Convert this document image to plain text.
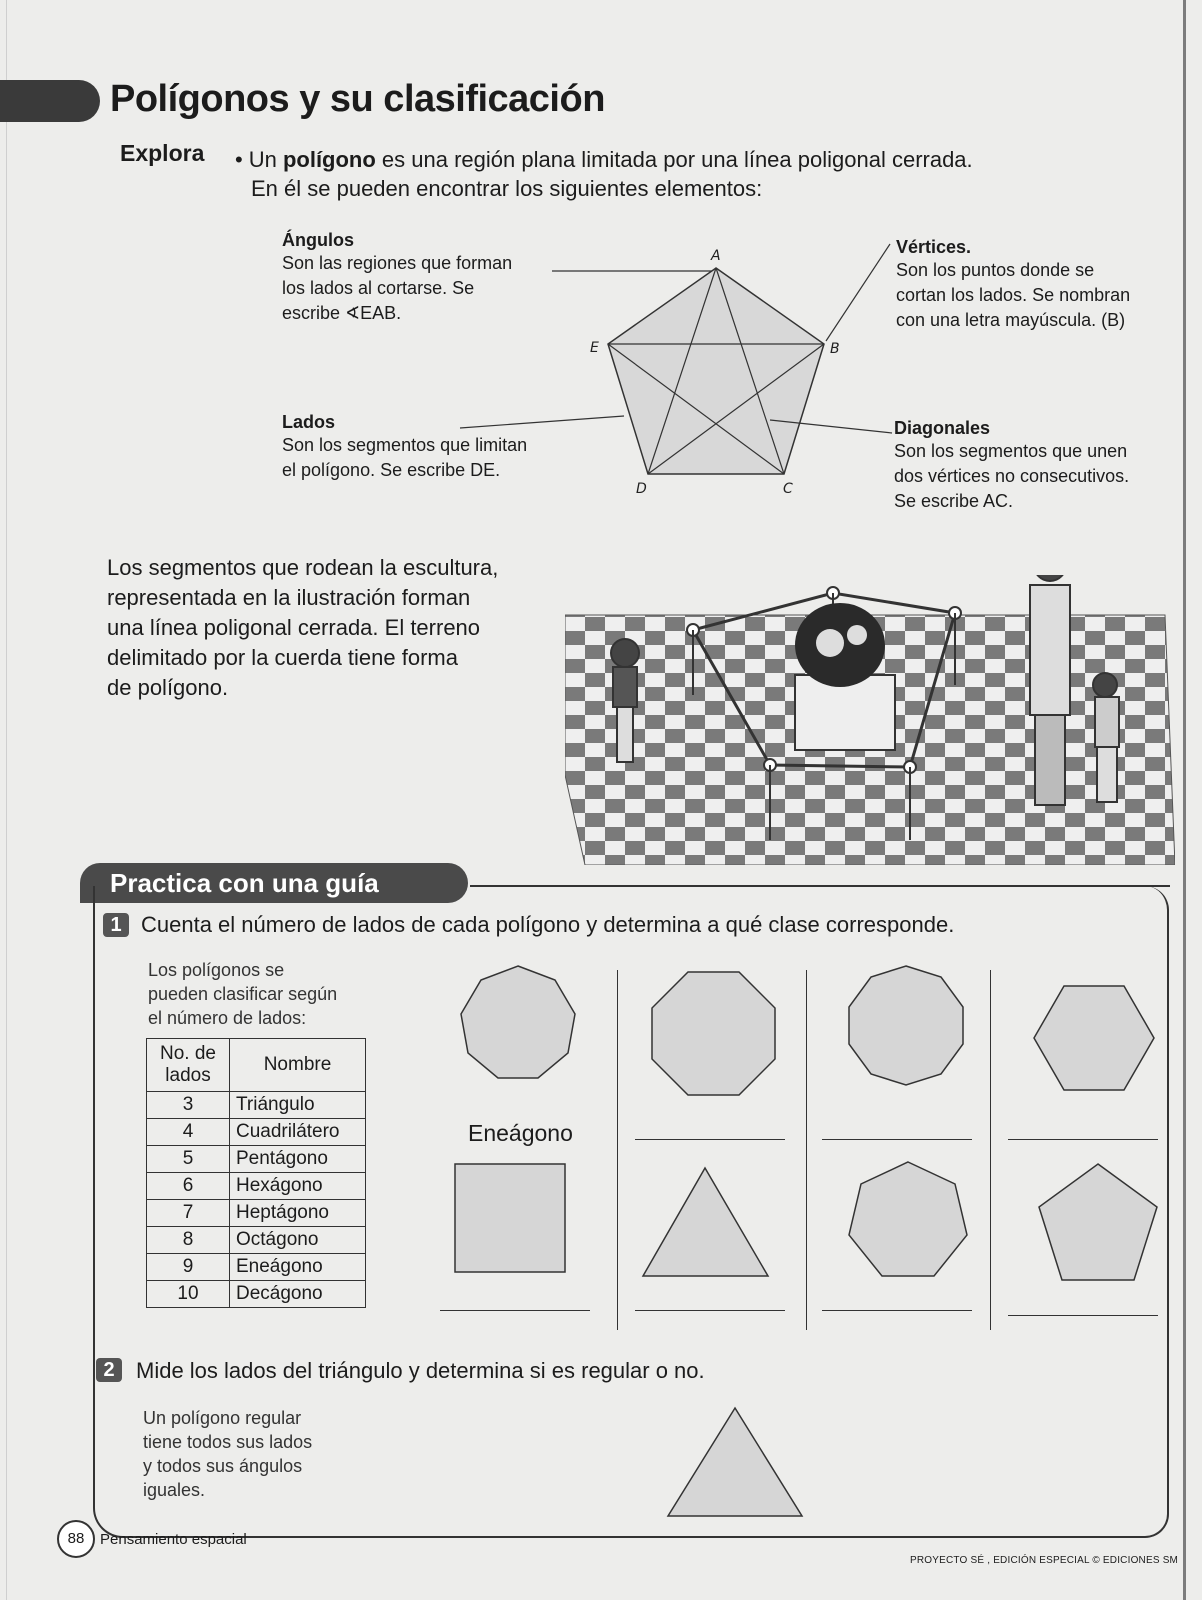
Polígonos y su clasificación
Explora • Un polígono es una región plana limitada por una línea poligonal cerrada.
En él se pueden encontrar los siguientes elementos:
Ángulos
Son las regiones que forman
los lados al cortarse. Se
escribe ∢EAB.
Vértices.
Son los puntos donde se
cortan los lados. Se nombran
con una letra mayúscula. (B)
Lados
Son los segmentos que limitan
el polígono. Se escribe DE.
Diagonales
Son los segmentos que unen
dos vértices no consecutivos.
Se escribe AC.
A
B
C
D
E
Los segmentos que rodean la escultura,
representada en la ilustración forman
una línea poligonal cerrada. El terreno
delimitado por la cuerda tiene forma
de polígono.
Practica con una guía
1 Cuenta el número de lados de cada polígono y determina a qué clase corresponde.
Los polígonos se
pueden clasificar según
el número de lados:
No. de lados	Nombre
3	Triángulo
4	Cuadrilátero
5	Pentágono
6	Hexágono
7	Heptágono
8	Octágono
9	Eneágono
10	Decágono
Eneágono
2 Mide los lados del triángulo y determina si es regular o no.
Un polígono regular
tiene todos sus lados
y todos sus ángulos
iguales.
88	Pensamiento espacial
PROYECTO SÉ , EDICIÓN ESPECIAL © EDICIONES SM
